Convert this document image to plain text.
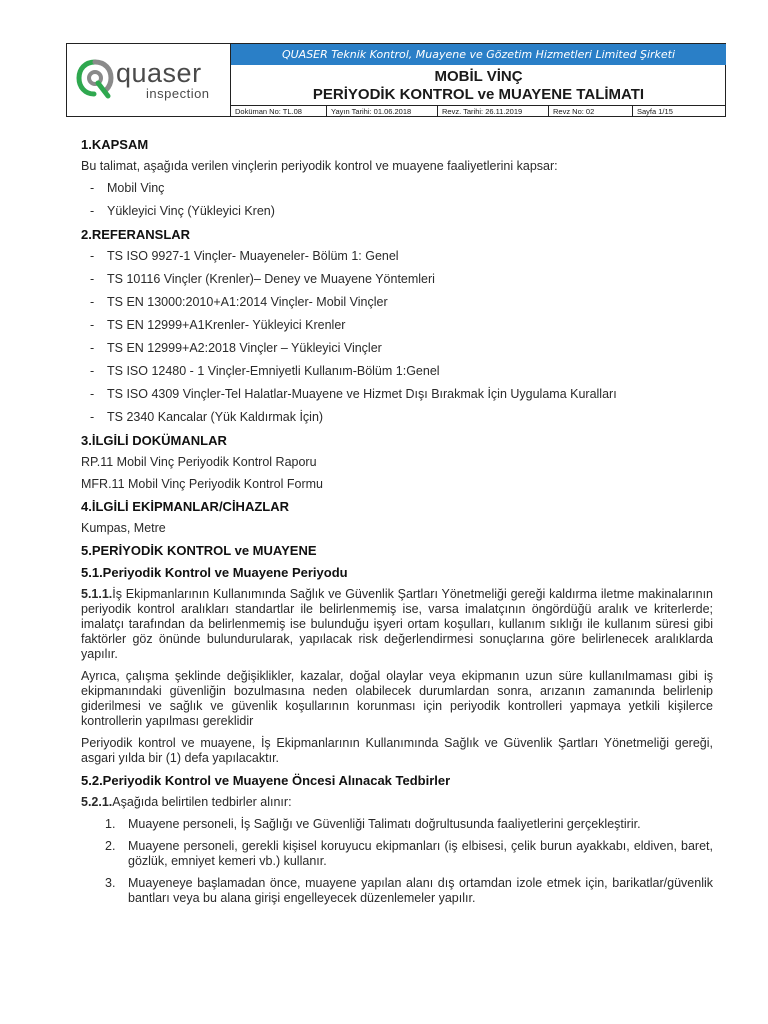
quaser
inspection
QUASER Teknik Kontrol, Muayene ve Gözetim Hizmetleri Limited Şirketi
MOBİL VİNÇ
PERİYODİK KONTROL ve MUAYENE TALİMATI
Doküman No: TL.08	Yayın Tarihi: 01.06.2018	Revz. Tarihi: 26.11.2019	Revz No: 02	Sayfa 1/15
1.KAPSAM
Bu talimat, aşağıda verilen vinçlerin periyodik kontrol ve muayene faaliyetlerini kapsar:
- Mobil Vinç
- Yükleyici Vinç (Yükleyici Kren)
2.REFERANSLAR
- TS ISO 9927-1 Vinçler- Muayeneler- Bölüm 1: Genel
- TS 10116 Vinçler (Krenler)– Deney ve Muayene Yöntemleri
- TS EN 13000:2010+A1:2014 Vinçler- Mobil Vinçler
- TS EN 12999+A1Krenler- Yükleyici Krenler
- TS EN 12999+A2:2018 Vinçler – Yükleyici Vinçler
- TS ISO 12480 - 1 Vinçler-Emniyetli Kullanım-Bölüm 1:Genel
- TS ISO 4309 Vinçler-Tel Halatlar-Muayene ve Hizmet Dışı Bırakmak İçin Uygulama Kuralları
- TS 2340 Kancalar (Yük Kaldırmak İçin)
3.İLGİLİ DOKÜMANLAR
RP.11 Mobil Vinç Periyodik Kontrol Raporu
MFR.11 Mobil Vinç Periyodik Kontrol Formu
4.İLGİLİ EKİPMANLAR/CİHAZLAR
Kumpas, Metre
5.PERİYODİK KONTROL ve MUAYENE
5.1.Periyodik Kontrol ve Muayene Periyodu
5.1.1.İş Ekipmanlarının Kullanımında Sağlık ve Güvenlik Şartları Yönetmeliği gereği kaldırma iletme makinalarının periyodik kontrol aralıkları standartlar ile belirlenmemiş ise, varsa imalatçının öngördüğü aralık ve kriterlerde; imalatçı tarafından da belirlenmemiş ise bulunduğu işyeri ortam koşulları, kullanım sıklığı ile kullanım süresi gibi faktörler göz önünde bulundurularak, yapılacak risk değerlendirmesi sonuçlarına göre belirlenecek aralıklarda yapılır.
Ayrıca, çalışma şeklinde değişiklikler, kazalar, doğal olaylar veya ekipmanın uzun süre kullanılmaması gibi iş ekipmanındaki güvenliğin bozulmasına neden olabilecek durumlardan sonra, arızanın zamanında belirlenip giderilmesi ve sağlık ve güvenlik koşullarının korunması için periyodik kontrolleri yapmaya yetkili kişilerce kontrollerin yapılması gereklidir
Periyodik kontrol ve muayene, İş Ekipmanlarının Kullanımında Sağlık ve Güvenlik Şartları Yönetmeliği gereği, asgari yılda bir (1) defa yapılacaktır.
5.2.Periyodik Kontrol ve Muayene Öncesi Alınacak Tedbirler
5.2.1.Aşağıda belirtilen tedbirler alınır:
1. Muayene personeli, İş Sağlığı ve Güvenliği Talimatı doğrultusunda faaliyetlerini gerçekleştirir.
2. Muayene personeli, gerekli kişisel koruyucu ekipmanları (iş elbisesi, çelik burun ayakkabı, eldiven, baret, gözlük, emniyet kemeri vb.) kullanır.
3. Muayeneye başlamadan önce, muayene yapılan alanı dış ortamdan izole etmek için, barikatlar/güvenlik bantları veya bu alana girişi engelleyecek düzenlemeler yapılır.
